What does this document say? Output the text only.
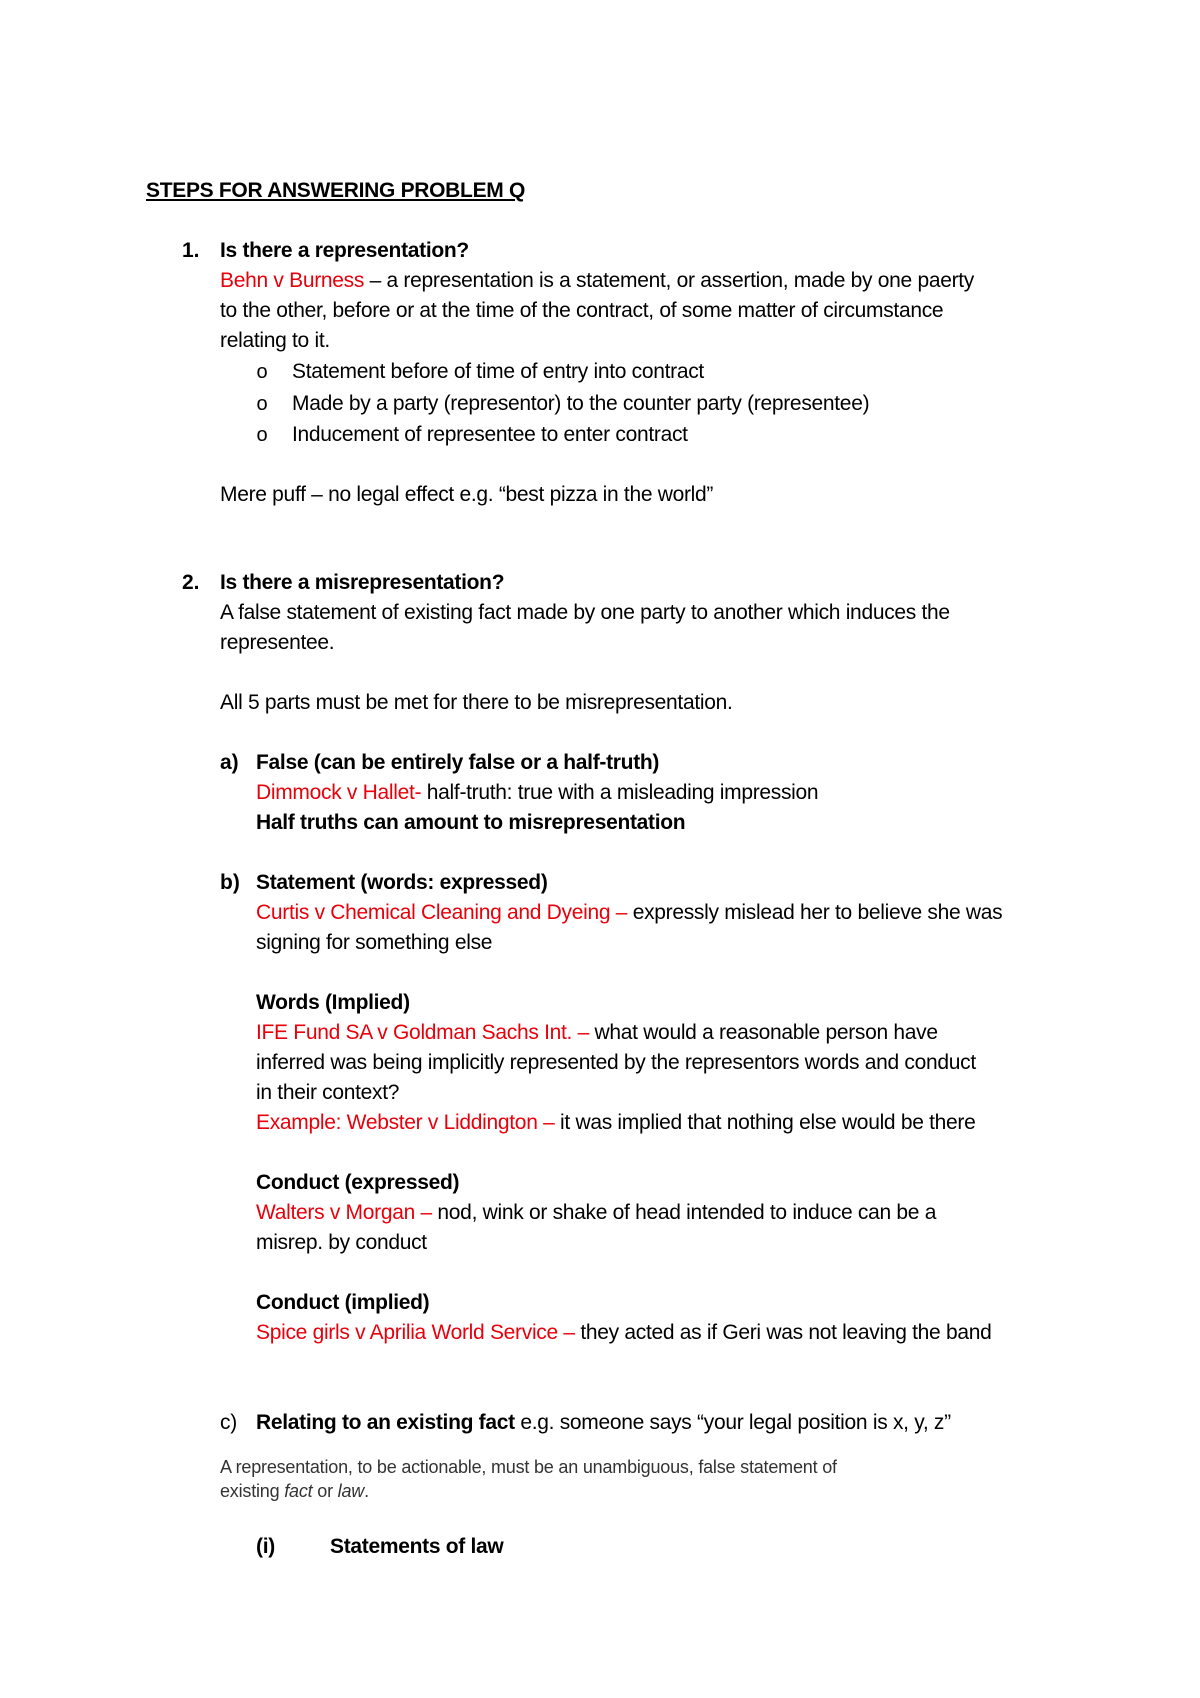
STEPS FOR ANSWERING PROBLEM Q
1. Is there a representation?
Behn v Burness – a representation is a statement, or assertion, made by one paerty
to the other, before or at the time of the contract, of some matter of circumstance
relating to it.
o Statement before of time of entry into contract
o Made by a party (representor) to the counter party (representee)
o Inducement of representee to enter contract
Mere puff – no legal effect e.g. “best pizza in the world”
2. Is there a misrepresentation?
A false statement of existing fact made by one party to another which induces the
representee.
All 5 parts must be met for there to be misrepresentation.
a) False (can be entirely false or a half-truth)
Dimmock v Hallet- half-truth: true with a misleading impression
Half truths can amount to misrepresentation
b) Statement (words: expressed)
Curtis v Chemical Cleaning and Dyeing – expressly mislead her to believe she was
signing for something else
Words (Implied)
IFE Fund SA v Goldman Sachs Int. – what would a reasonable person have
inferred was being implicitly represented by the representors words and conduct
in their context?
Example: Webster v Liddington – it was implied that nothing else would be there
Conduct (expressed)
Walters v Morgan – nod, wink or shake of head intended to induce can be a
misrep. by conduct
Conduct (implied)
Spice girls v Aprilia World Service – they acted as if Geri was not leaving the band
c) Relating to an existing fact e.g. someone says “your legal position is x, y, z”
A representation, to be actionable, must be an unambiguous, false statement of
existing fact or law.
(i)	Statements of law
